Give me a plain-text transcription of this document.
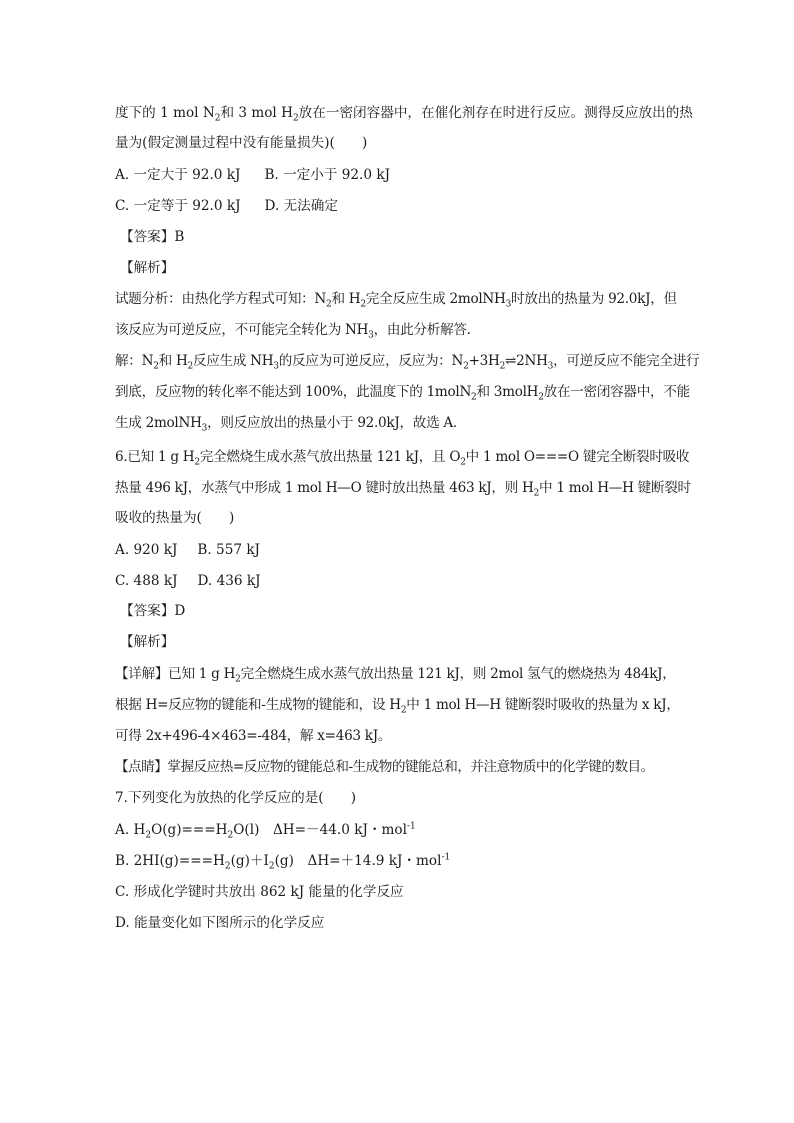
度下的 1 mol $N_2$和 3 mol $H_2$放在一密闭容器中，在催化剂存在时进行反应。测得反应放出的热
量为(假定测量过程中没有能量损失)(　　)
A. 一定大于 92.0 kJ B. 一定小于 92.0 kJ
C. 一定等于 92.0 kJ D. 无法确定
【答案】B
【解析】
试题分析：由热化学方程式可知：$N_2$和 $H_2$完全反应生成 2molNH$_3$时放出的热量为 92.0kJ，但
该反应为可逆反应，不可能完全转化为 $NH_3$，由此分析解答．
解：$N_2$和 $H_2$反应生成 $NH_3$的反应为可逆反应，反应为：$N_2+3H_2\rightleftharpoons 2NH_3$，可逆反应不能完全进行
到底，反应物的转化率不能达到 100%，此温度下的 1molN$_2$和 3molH$_2$放在一密闭容器中，不能
生成 2molNH$_3$，则反应放出的热量小于 92.0kJ，故选 A．
6.已知 1 g $H_2$完全燃烧生成水蒸气放出热量 121 kJ，且 $O_2$中 1 mol O===O 键完全断裂时吸收
热量 496 kJ，水蒸气中形成 1 mol H—O 键时放出热量 463 kJ，则 $H_2$中 1 mol H—H 键断裂时
吸收的热量为(　　)
A. 920 kJ B. 557 kJ
C. 488 kJ D. 436 kJ
【答案】D
【解析】
【详解】已知 1 g $H_2$完全燃烧生成水蒸气放出热量 121 kJ，则 2mol 氢气的燃烧热为 484kJ，
根据 H=反应物的键能和-生成物的键能和，设 $H_2$中 1 mol H—H 键断裂时吸收的热量为 x kJ，
可得 2x+496-4×463=-484，解 x=463 kJ。
【点睛】掌握反应热=反应物的键能总和-生成物的键能总和，并注意物质中的化学键的数目。
7.下列变化为放热的化学反应的是(　　)
A. $H_2O(g)===H_2O(l)$　ΔH=－44.0 kJ・mol$^{-1}$
B. $2HI(g)===H_2(g)+I_2(g)$　ΔH=＋14.9 kJ・mol$^{-1}$
C. 形成化学键时共放出 862 kJ 能量的化学反应
D. 能量变化如下图所示的化学反应
